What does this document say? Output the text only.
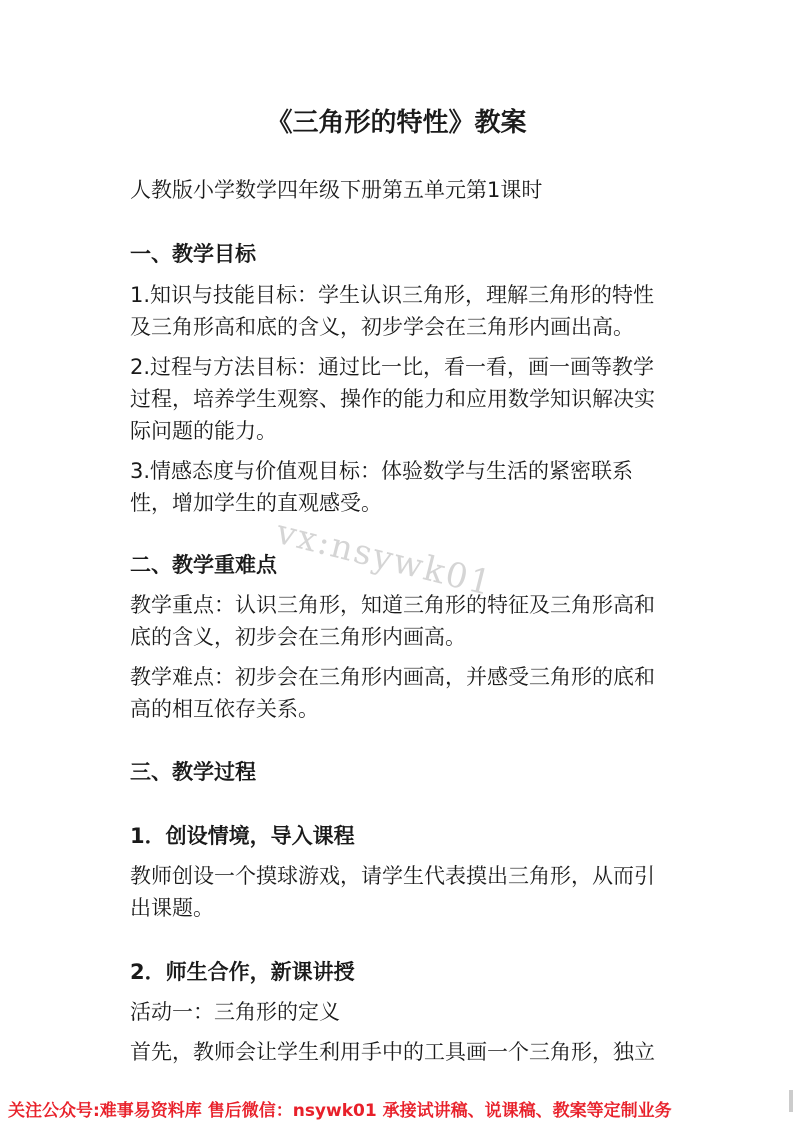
《三角形的特性》教案
人教版小学数学四年级下册第五单元第1课时
一、教学目标
1.知识与技能目标：学生认识三角形，理解三角形的特性
及三角形高和底的含义，初步学会在三角形内画出高。
2.过程与方法目标：通过比一比，看一看，画一画等教学
过程，培养学生观察、操作的能力和应用数学知识解决实
际问题的能力。
3.情感态度与价值观目标：体验数学与生活的紧密联系
性，增加学生的直观感受。
vx:nsywk01
二、教学重难点
教学重点：认识三角形，知道三角形的特征及三角形高和
底的含义，初步会在三角形内画高。
教学难点：初步会在三角形内画高，并感受三角形的底和
高的相互依存关系。
三、教学过程
1．创设情境，导入课程
教师创设一个摸球游戏，请学生代表摸出三角形，从而引
出课题。
2．师生合作，新课讲授
活动一：三角形的定义
首先，教师会让学生利用手中的工具画一个三角形，独立
关注公众号:难事易资料库 售后微信：nsywk01 承接试讲稿、说课稿、教案等定制业务
